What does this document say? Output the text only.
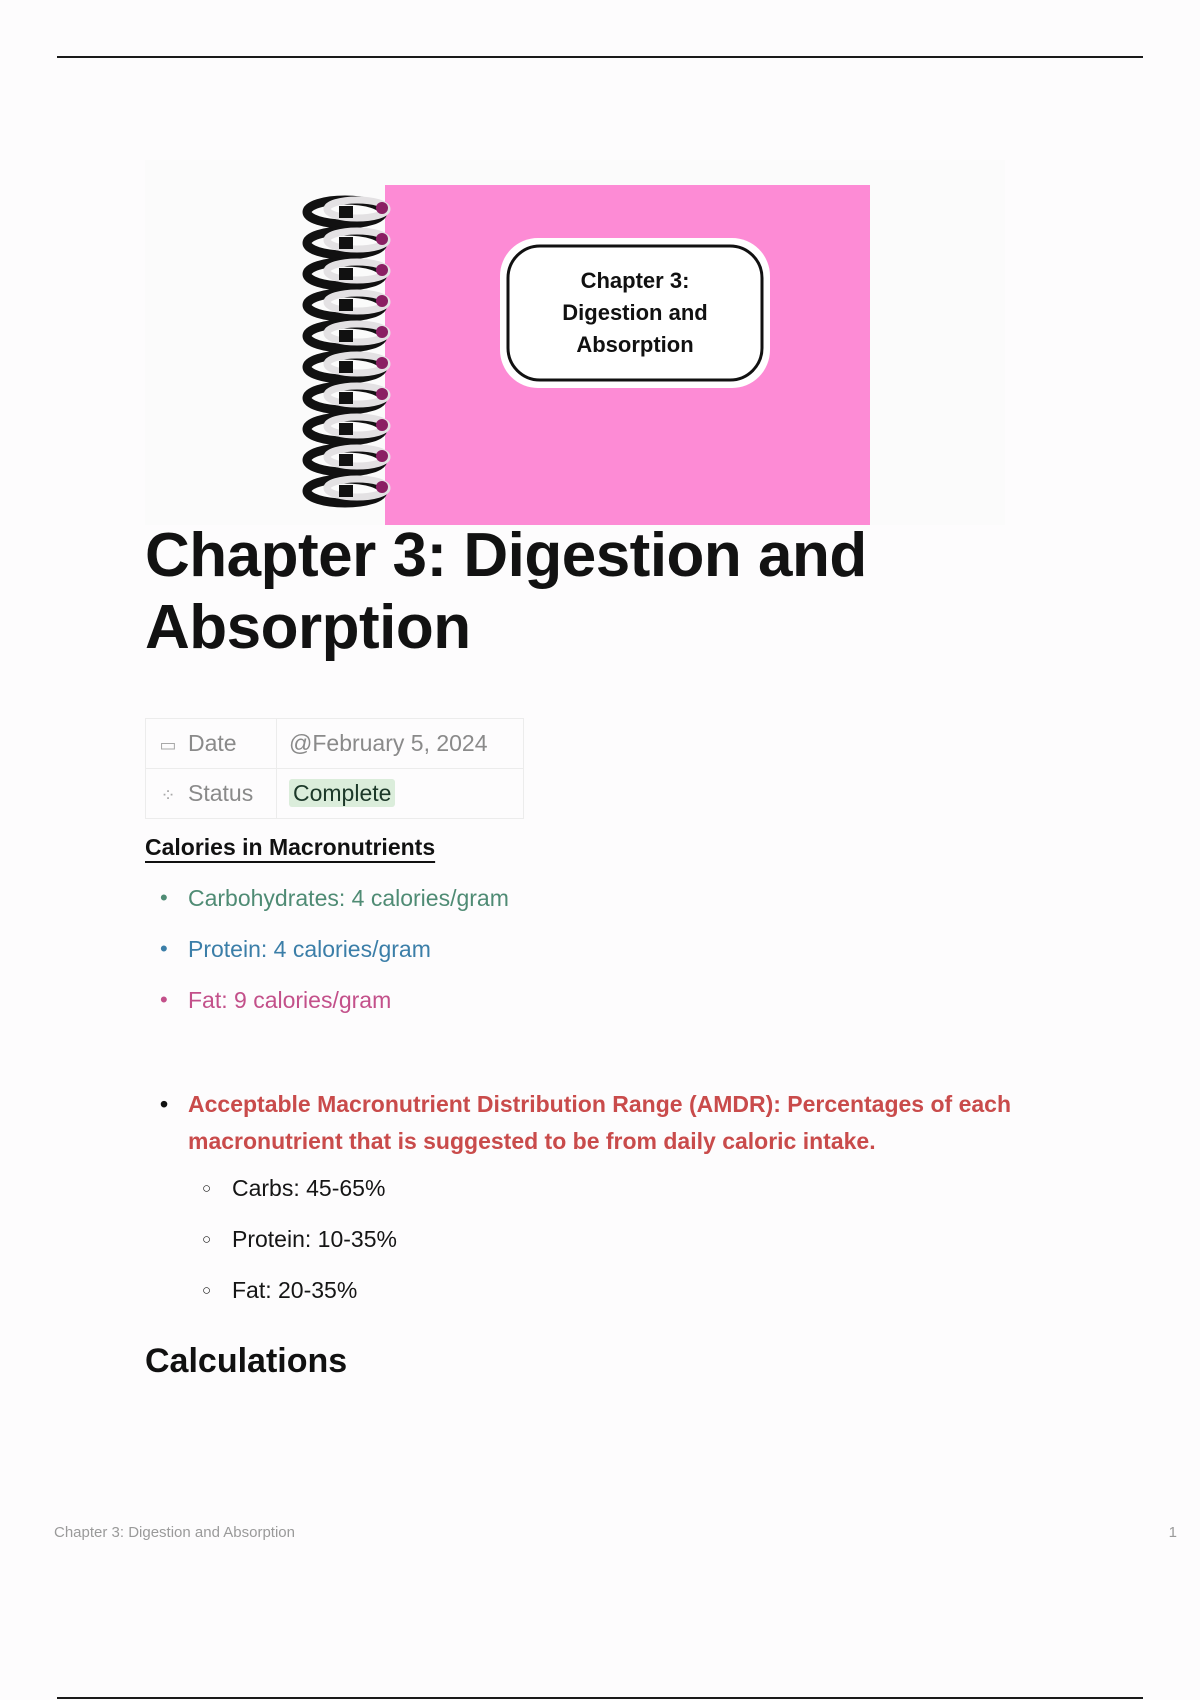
Chapter 3:
Digestion and
Absorption
Chapter 3: Digestion and Absorption
▭ Date	@February 5, 2024
⁘ Status	Complete
Calories in Macronutrients
• Carbohydrates: 4 calories/gram
• Protein: 4 calories/gram
• Fat: 9 calories/gram
• Acceptable Macronutrient Distribution Range (AMDR): Percentages of each macronutrient that is suggested to be from daily caloric intake.
○ Carbs: 45-65%
○ Protein: 10-35%
○ Fat: 20-35%
Calculations
Chapter 3: Digestion and Absorption	1
